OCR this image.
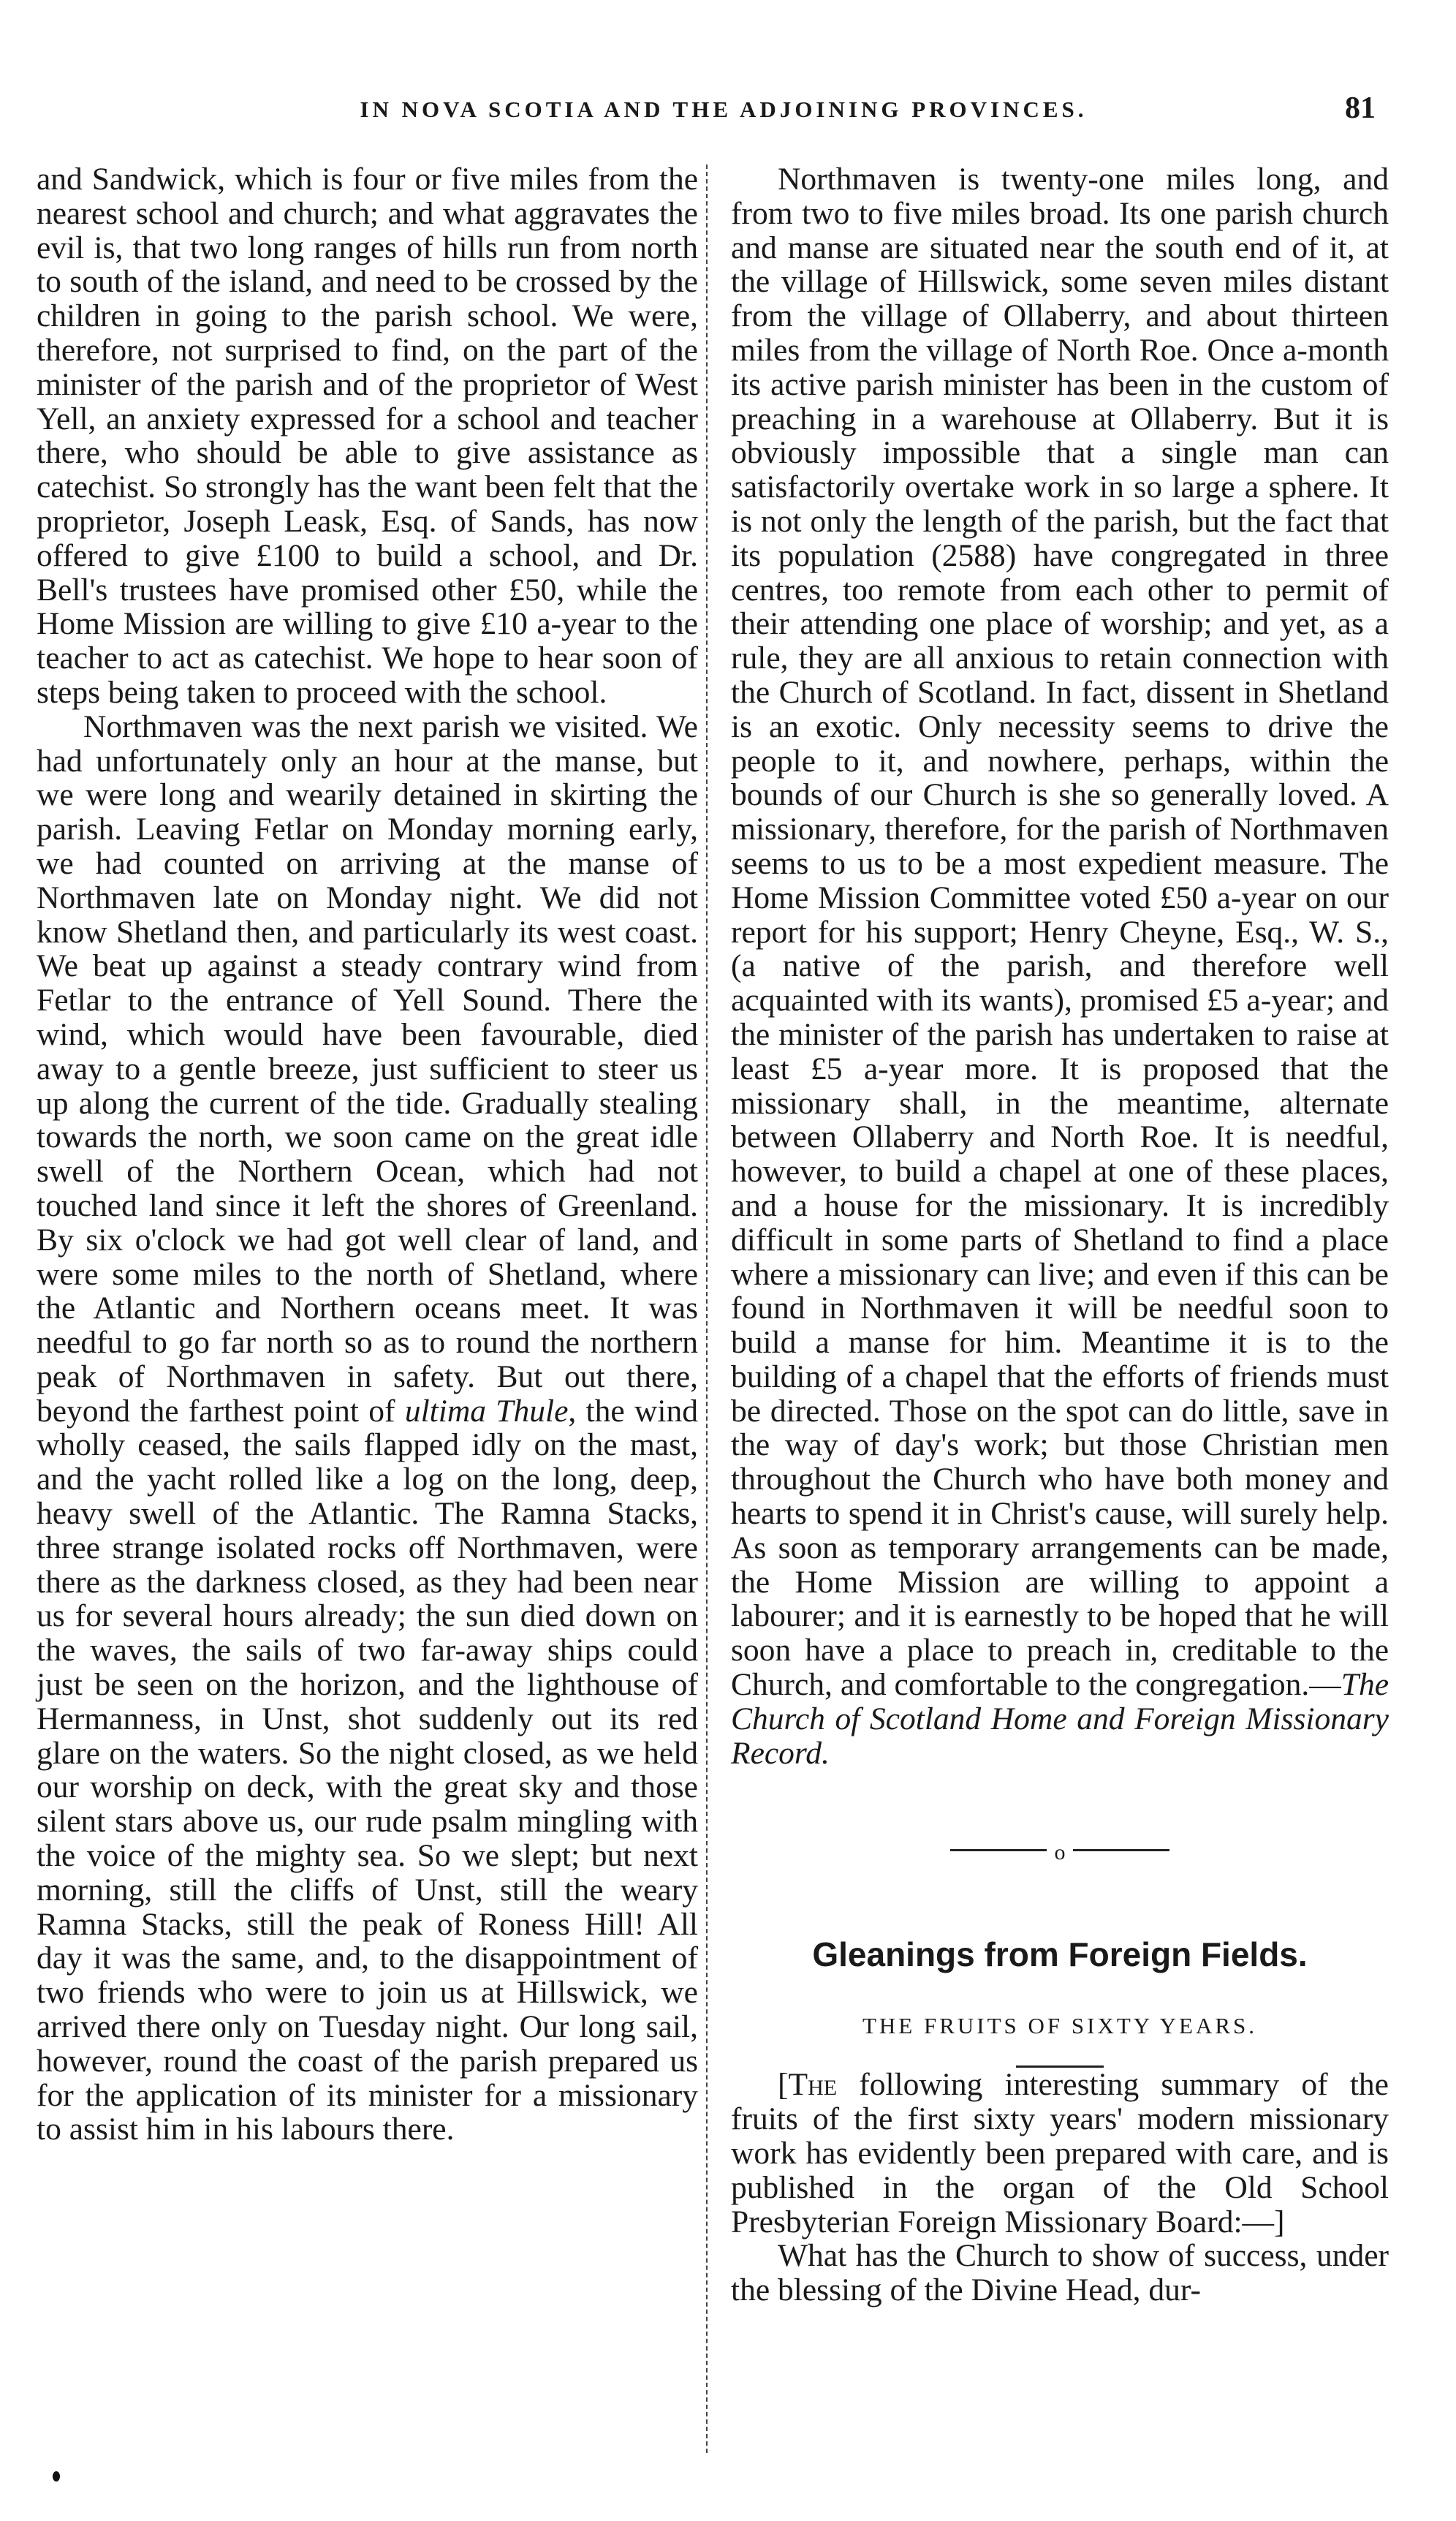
IN NOVA SCOTIA AND THE ADJOINING PROVINCES.	81

and Sandwick, which is four or five miles from the nearest school and church; and what aggravates the evil is, that two long ranges of hills run from north to south of the island, and need to be crossed by the children in going to the parish school. We were, therefore, not surprised to find, on the part of the minister of the parish and of the proprietor of West Yell, an anxiety expressed for a school and teacher there, who should be able to give assistance as catechist. So strongly has the want been felt that the proprietor, Joseph Leask, Esq. of Sands, has now offered to give £100 to build a school, and Dr. Bell's trustees have promised other £50, while the Home Mission are willing to give £10 a-year to the teacher to act as catechist. We hope to hear soon of steps being taken to proceed with the school.

Northmaven was the next parish we visited. We had unfortunately only an hour at the manse, but we were long and wearily detained in skirting the parish. Leaving Fetlar on Monday morning early, we had counted on arriving at the manse of Northmaven late on Monday night. We did not know Shetland then, and particularly its west coast. We beat up against a steady contrary wind from Fetlar to the entrance of Yell Sound. There the wind, which would have been favourable, died away to a gentle breeze, just sufficient to steer us up along the current of the tide. Gradually stealing towards the north, we soon came on the great idle swell of the Northern Ocean, which had not touched land since it left the shores of Greenland. By six o'clock we had got well clear of land, and were some miles to the north of Shetland, where the Atlantic and Northern oceans meet. It was needful to go far north so as to round the northern peak of Northmaven in safety. But out there, beyond the farthest point of ultima Thule, the wind wholly ceased, the sails flapped idly on the mast, and the yacht rolled like a log on the long, deep, heavy swell of the Atlantic. The Ramna Stacks, three strange isolated rocks off Northmaven, were there as the darkness closed, as they had been near us for several hours already; the sun died down on the waves, the sails of two far-away ships could just be seen on the horizon, and the lighthouse of Hermanness, in Unst, shot suddenly out its red glare on the waters. So the night closed, as we held our worship on deck, with the great sky and those silent stars above us, our rude psalm mingling with the voice of the mighty sea. So we slept; but next morning, still the cliffs of Unst, still the weary Ramna Stacks, still the peak of Roness Hill! All day it was the same, and, to the disappointment of two friends who were to join us at Hillswick, we arrived there only on Tuesday night. Our long sail, however, round the coast of the parish prepared us for the application of its minister for a missionary to assist him in his labours there.

Northmaven is twenty-one miles long, and from two to five miles broad. Its one parish church and manse are situated near the south end of it, at the village of Hillswick, some seven miles distant from the village of Ollaberry, and about thirteen miles from the village of North Roe. Once a-month its active parish minister has been in the custom of preaching in a warehouse at Ollaberry. But it is obviously impossible that a single man can satisfactorily overtake work in so large a sphere. It is not only the length of the parish, but the fact that its population (2588) have congregated in three centres, too remote from each other to permit of their attending one place of worship; and yet, as a rule, they are all anxious to retain connection with the Church of Scotland. In fact, dissent in Shetland is an exotic. Only necessity seems to drive the people to it, and nowhere, perhaps, within the bounds of our Church is she so generally loved. A missionary, therefore, for the parish of Northmaven seems to us to be a most expedient measure. The Home Mission Committee voted £50 a-year on our report for his support; Henry Cheyne, Esq., W. S., (a native of the parish, and therefore well acquainted with its wants), promised £5 a-year; and the minister of the parish has undertaken to raise at least £5 a-year more. It is proposed that the missionary shall, in the meantime, alternate between Ollaberry and North Roe. It is needful, however, to build a chapel at one of these places, and a house for the missionary. It is incredibly difficult in some parts of Shetland to find a place where a missionary can live; and even if this can be found in Northmaven it will be needful soon to build a manse for him. Meantime it is to the building of a chapel that the efforts of friends must be directed. Those on the spot can do little, save in the way of day's work; but those Christian men throughout the Church who have both money and hearts to spend it in Christ's cause, will surely help. As soon as temporary arrangements can be made, the Home Mission are willing to appoint a labourer; and it is earnestly to be hoped that he will soon have a place to preach in, creditable to the Church, and comfortable to the congregation.—The Church of Scotland Home and Foreign Missionary Record.

o
Gleanings from Foreign Fields.
THE FRUITS OF SIXTY YEARS.

[The following interesting summary of the fruits of the first sixty years' modern missionary work has evidently been prepared with care, and is published in the organ of the Old School Presbyterian Foreign Missionary Board:—]

What has the Church to show of success, under the blessing of the Divine Head, dur-
